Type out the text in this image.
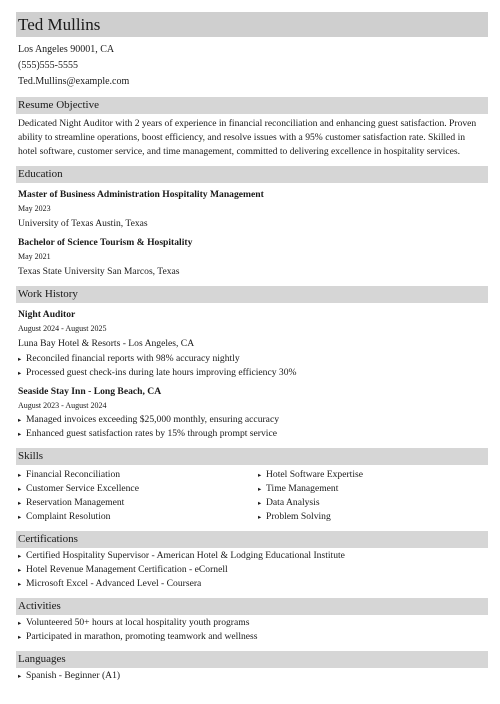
Ted Mullins
Los Angeles 90001, CA
(555)555-5555
Ted.Mullins@example.com
Resume Objective
Dedicated Night Auditor with 2 years of experience in financial reconciliation and enhancing guest satisfaction. Proven ability to streamline operations, boost efficiency, and resolve issues with a 95% customer satisfaction rate. Skilled in hotel software, customer service, and time management, committed to delivering excellence in hospitality services.
Education
Master of Business Administration Hospitality Management
May 2023
University of Texas Austin, Texas
Bachelor of Science Tourism & Hospitality
May 2021
Texas State University San Marcos, Texas
Work History
Night Auditor
August 2024 - August 2025
Luna Bay Hotel & Resorts - Los Angeles, CA
▸ Reconciled financial reports with 98% accuracy nightly
▸ Processed guest check-ins during late hours improving efficiency 30%
Seaside Stay Inn - Long Beach, CA
August 2023 - August 2024
▸ Managed invoices exceeding $25,000 monthly, ensuring accuracy
▸ Enhanced guest satisfaction rates by 15% through prompt service
Skills
▸ Financial Reconciliation
▸ Customer Service Excellence
▸ Reservation Management
▸ Complaint Resolution
▸ Hotel Software Expertise
▸ Time Management
▸ Data Analysis
▸ Problem Solving
Certifications
▸ Certified Hospitality Supervisor - American Hotel & Lodging Educational Institute
▸ Hotel Revenue Management Certification - eCornell
▸ Microsoft Excel - Advanced Level - Coursera
Activities
▸ Volunteered 50+ hours at local hospitality youth programs
▸ Participated in marathon, promoting teamwork and wellness
Languages
▸ Spanish - Beginner (A1)
